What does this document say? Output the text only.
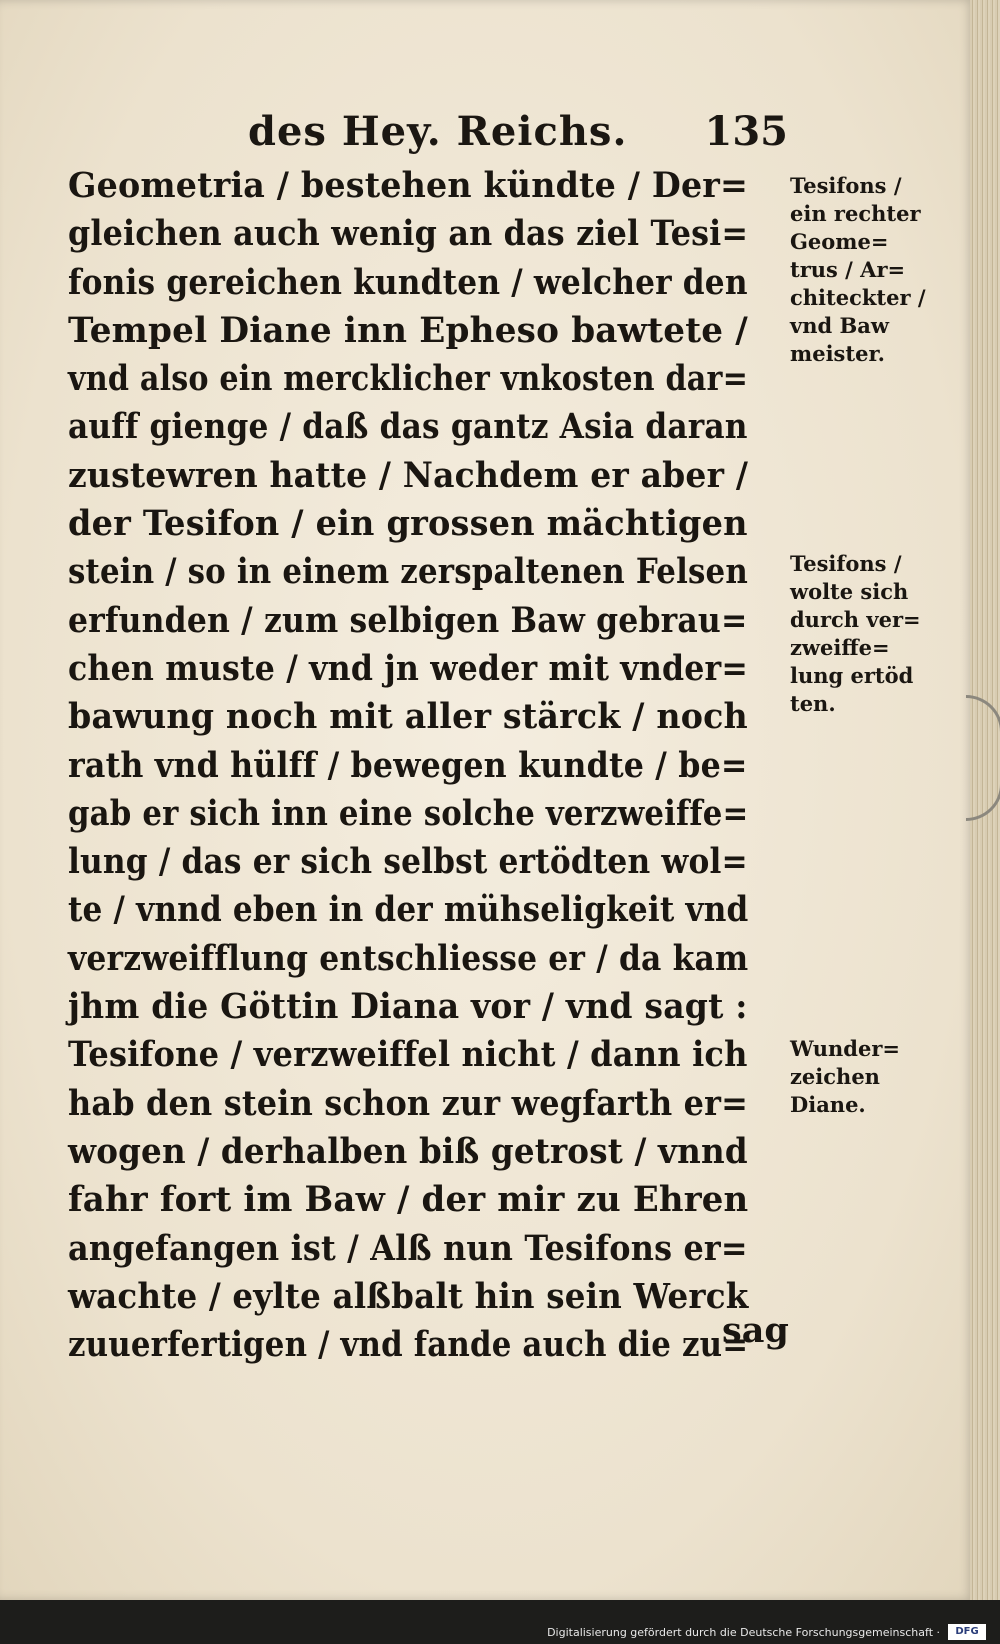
des Hey. Reichs. 135
Geometria / bestehen kündte / Der=
gleichen auch wenig an das ziel Tesi=
fonis gereichen kundten / welcher den
Tempel Diane inn Epheso bawtete /
vnd also ein mercklicher vnkosten dar=
auff gienge / daß das gantz Asia daran
zustewren hatte / Nachdem er aber /
der Tesifon / ein grossen mächtigen
stein / so in einem zerspaltenen Felsen
erfunden / zum selbigen Baw gebrau=
chen muste / vnd jn weder mit vnder=
bawung noch mit aller stärck / noch
rath vnd hülff / bewegen kundte / be=
gab er sich inn eine solche verzweiffe=
lung / das er sich selbst ertödten wol=
te / vnnd eben in der mühseligkeit vnd
verzweifflung entschliesse er / da kam
jhm die Göttin Diana vor / vnd sagt :
Tesifone / verzweiffel nicht / dann ich
hab den stein schon zur wegfarth er=
wogen / derhalben biß getrost / vnnd
fahr fort im Baw / der mir zu Ehren
angefangen ist / Alß nun Tesifons er=
wachte / eylte alßbalt hin sein Werck
zuuerfertigen / vnd fande auch die zu=
sag
Tesifons /
ein rechter
Geome=
trus / Ar=
chiteckter /
vnd Baw
meister.
Tesifons /
wolte sich
durch ver=
zweiffe=
lung ertöd
ten.
Wunder=
zeichen
Diane.
Digitalisierung gefördert durch die Deutsche Forschungsgemeinschaft ·	DFG
